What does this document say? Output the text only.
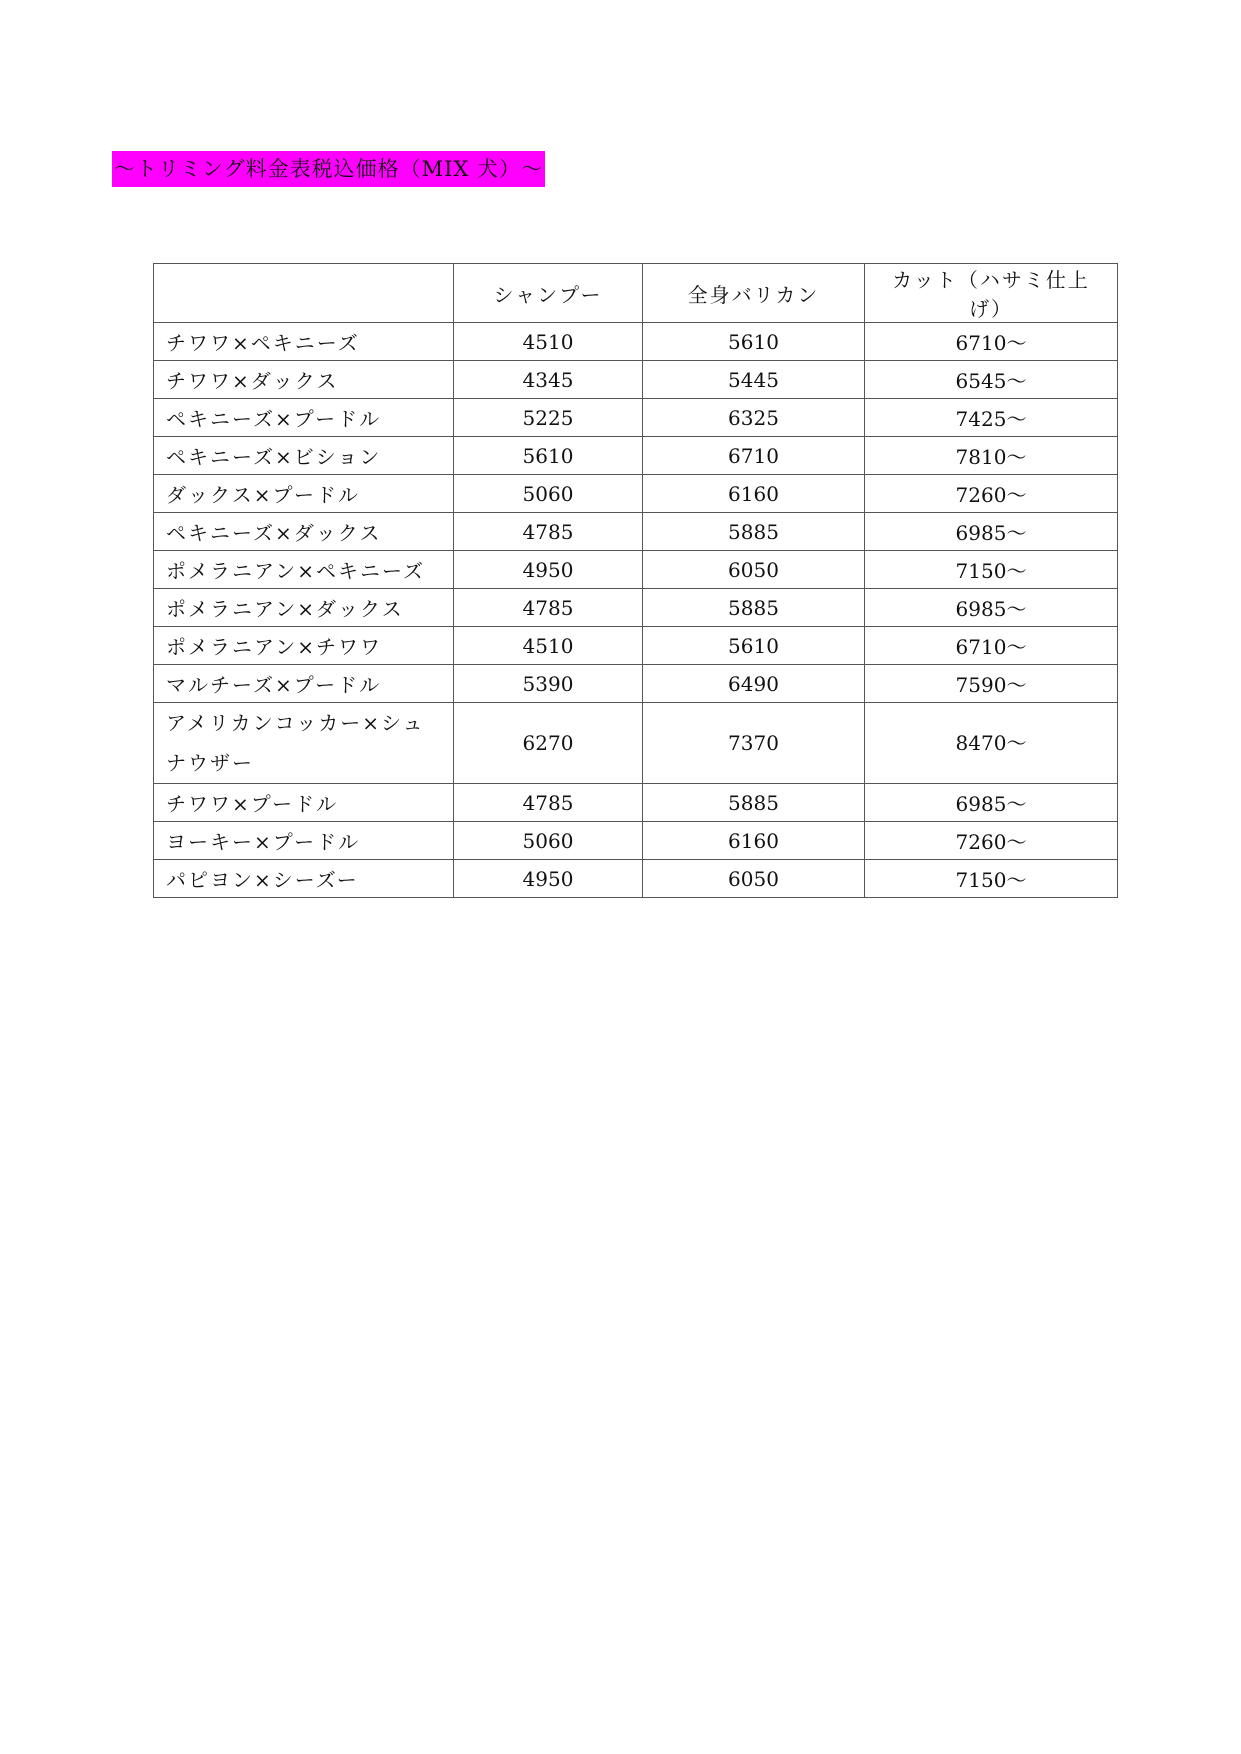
〜トリミング料金表税込価格（MIX 犬）〜
	シャンプー	全身バリカン	カット（ハサミ仕上げ）
チワワ×ペキニーズ	4510	5610	6710〜
チワワ×ダックス	4345	5445	6545〜
ペキニーズ×プードル	5225	6325	7425〜
ペキニーズ×ビション	5610	6710	7810〜
ダックス×プードル	5060	6160	7260〜
ペキニーズ×ダックス	4785	5885	6985〜
ポメラニアン×ペキニーズ	4950	6050	7150〜
ポメラニアン×ダックス	4785	5885	6985〜
ポメラニアン×チワワ	4510	5610	6710〜
マルチーズ×プードル	5390	6490	7590〜
アメリカンコッカー×シュナウザー	6270	7370	8470〜
チワワ×プードル	4785	5885	6985〜
ヨーキー×プードル	5060	6160	7260〜
パピヨン×シーズー	4950	6050	7150〜
